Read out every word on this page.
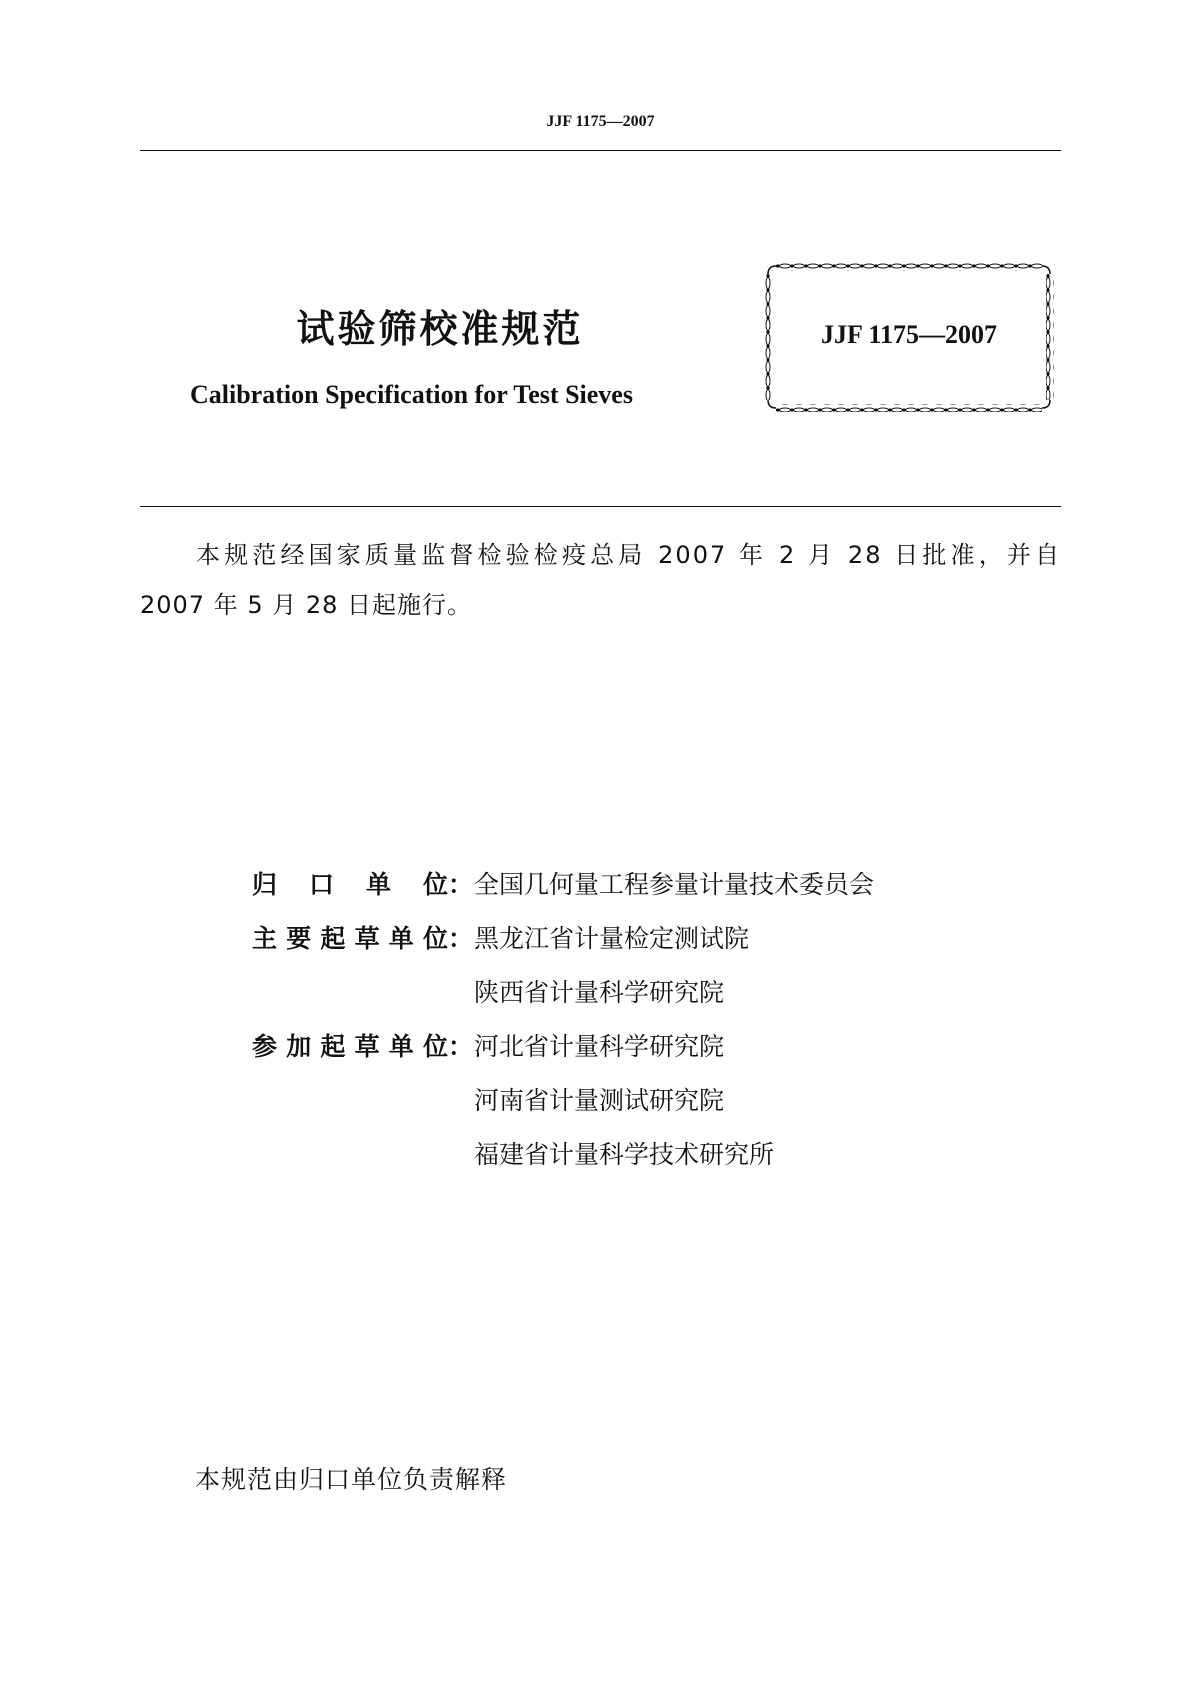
JJF 1175—2007
试验筛校准规范
Calibration Specification for Test Sieves
JJF 1175—2007
本规范经国家质量监督检验检疫总局 2007 年 2 月 28 日批准，并自
2007 年 5 月 28 日起施行。
归口单位 ： 全国几何量工程参量计量技术委员会
主要起草单位 ： 黑龙江省计量检定测试院
陕西省计量科学研究院
参加起草单位 ： 河北省计量科学研究院
河南省计量测试研究院
福建省计量科学技术研究所
本规范由归口单位负责解释
